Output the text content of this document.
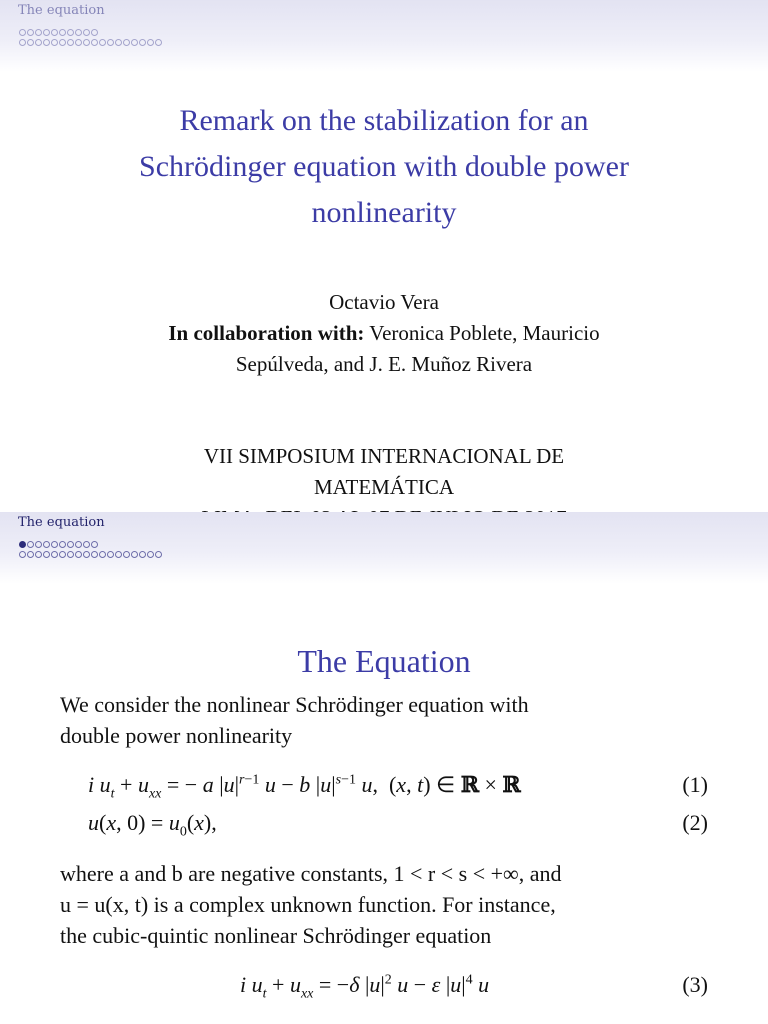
The equation
Remark on the stabilization for an
Schrödinger equation with double power
nonlinearity
Octavio Vera
In collaboration with: Veronica Poblete, Mauricio
Sepúlveda, and J. E. Muñoz Rivera
VII SIMPOSIUM INTERNACIONAL DE
MATEMÁTICA
The equation
The Equation
We consider the nonlinear Schrödinger equation with
double power nonlinearity
i $u_t + u_{xx}$ = − a $|u|^{r-1}$ u − b $|u|^{s-1}$ u,  (x, t) ∈ ℝ × ℝ	(1)
u(x, $0) = u_0(x)$,	(2)
where a and b are negative constants, 1 < r < s < +∞, and
u = u(x, t) is a complex unknown function. For instance,
the cubic-quintic nonlinear Schrödinger equation
i $u_t + u_{xx} = -\delta$ $|u|^2$ u − ε $|u|^4$ u	(3)
